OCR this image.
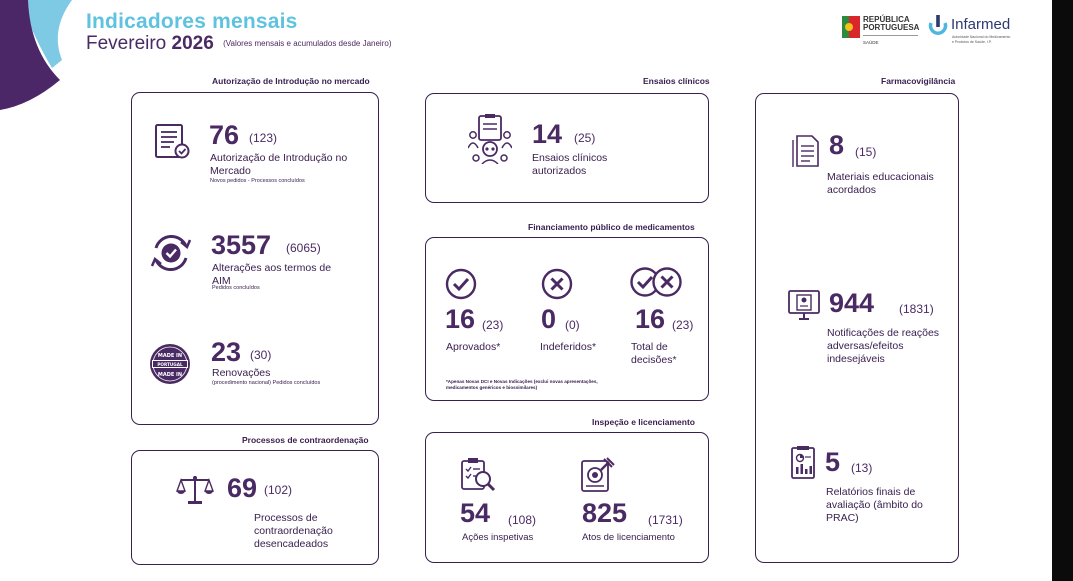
Indicadores mensais
Fevereiro 2026 (Valores mensais e acumulados desde Janeiro)
REPÚBLICA
PORTUGUESA
SAÚDE
Infarmed
Autoridade Nacional do Medicamento
e Produtos de Saúde, I.P.
Autorização de Introdução no mercado
76 (123)
Autorização de Introdução no Mercado
Novos pedidos - Processos concluídos
3557 (6065)
Alterações aos termos de AIM
Pedidos concluídos
MADE IN
PORTUGAL
MADE IN
23 (30)
Renovações
(procedimento nacional) Pedidos concluídos
Processos de contraordenação
69 (102)
Processos de contraordenação desencadeados
Ensaios clínicos
14 (25)
Ensaios clínicos autorizados
Financiamento público de medicamentos
16 (23)
Aprovados*
0 (0)
Indeferidos*
16 (23)
Total de decisões*
*Apenas Novas DCI e Novas Indicações (exclui novas apresentações, medicamentos genéricos e biossimilares)
Inspeção e licenciamento
54 (108)
Ações inspetivas
825 (1731)
Atos de licenciamento
Farmacovigilância
8 (15)
Materiais educacionais acordados
944 (1831)
Notificações de reações adversas/efeitos indesejáveis
5 (13)
Relatórios finais de avaliação (âmbito do PRAC)
